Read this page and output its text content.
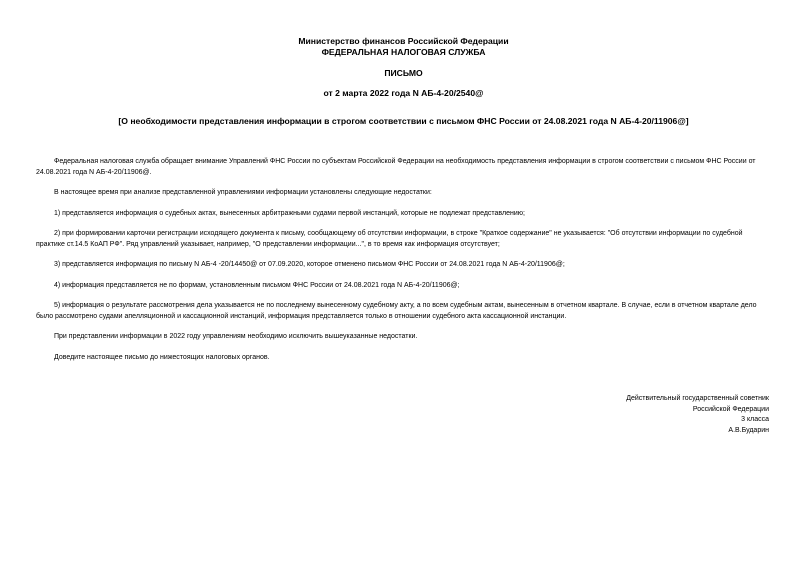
Министерство финансов Российской Федерации
ФЕДЕРАЛЬНАЯ НАЛОГОВАЯ СЛУЖБА
ПИСЬМО
от 2 марта 2022 года N АБ-4-20/2540@
[О необходимости представления информации в строгом соответствии с письмом ФНС России от 24.08.2021 года N АБ-4-20/11906@]
Федеральная налоговая служба обращает внимание Управлений ФНС России по субъектам Российской Федерации на необходимость представления информации в строгом соответствии с письмом ФНС России от 24.08.2021 года N АБ-4-20/11906@.
В настоящее время при анализе представленной управлениями информации установлены следующие недостатки:
1) представляется информация о судебных актах, вынесенных арбитражными судами первой инстанций, которые не подлежат представлению;
2) при формировании карточки регистрации исходящего документа к письму, сообщающему об отсутствии информации, в строке "Краткое содержание" не указывается: "Об отсутствии информации по судебной практике ст.14.5 КоАП РФ". Ряд управлений указывает, например, "О представлении информации...", в то время как информация отсутствует;
3) представляется информация по письму N АБ-4 -20/14450@ от 07.09.2020, которое отменено письмом ФНС России от 24.08.2021 года N АБ-4-20/11906@;
4) информация представляется не по формам, установленным письмом ФНС России от 24.08.2021 года N АБ-4-20/11906@;
5) информация о результате рассмотрения дела указывается не по последнему вынесенному судебному акту, а по всем судебным актам, вынесенным в отчетном квартале. В случае, если в отчетном квартале дело было рассмотрено судами апелляционной и кассационной инстанций, информация представляется только в отношении судебного акта кассационной инстанции.
При представлении информации в 2022 году управлениям необходимо исключить вышеуказанные недостатки.
Доведите настоящее письмо до нижестоящих налоговых органов.
Действительный государственный советник
Российской Федерации
3 класса
А.В.Бударин
